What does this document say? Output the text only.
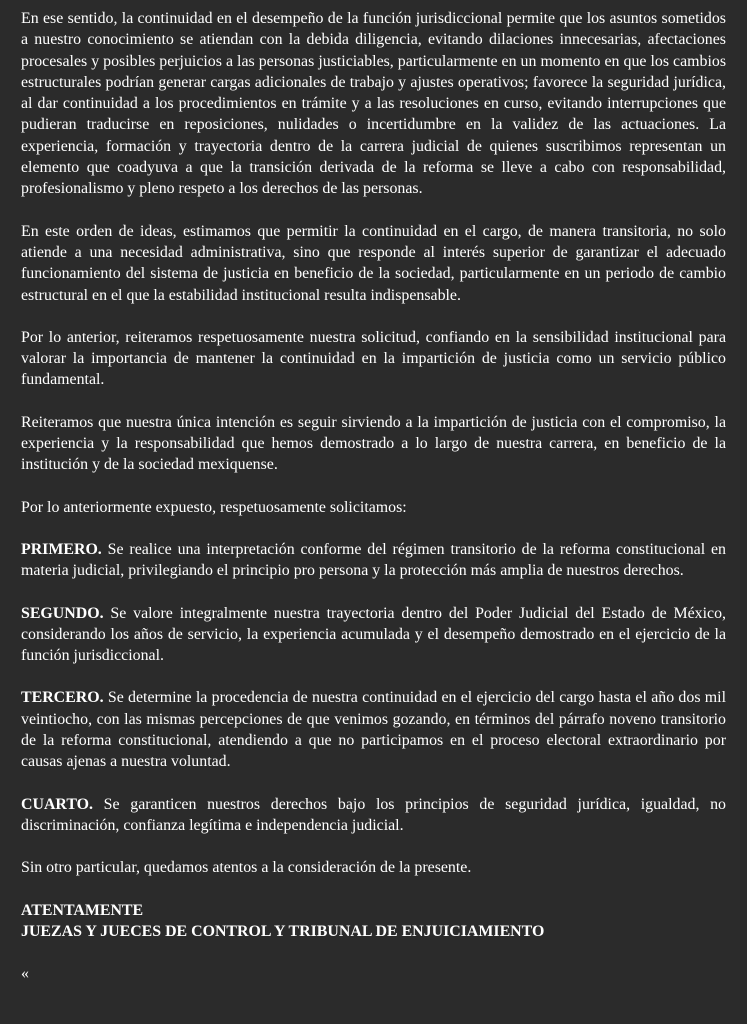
En ese sentido, la continuidad en el desempeño de la función jurisdiccional permite que los asuntos sometidos a nuestro conocimiento se atiendan con la debida diligencia, evitando dilaciones innecesarias, afectaciones procesales y posibles perjuicios a las personas justiciables, particularmente en un momento en que los cambios estructurales podrían generar cargas adicionales de trabajo y ajustes operativos; favorece la seguridad jurídica, al dar continuidad a los procedimientos en trámite y a las resoluciones en curso, evitando interrupciones que pudieran traducirse en reposiciones, nulidades o incertidumbre en la validez de las actuaciones. La experiencia, formación y trayectoria dentro de la carrera judicial de quienes suscribimos representan un elemento que coadyuva a que la transición derivada de la reforma se lleve a cabo con responsabilidad, profesionalismo y pleno respeto a los derechos de las personas.

En este orden de ideas, estimamos que permitir la continuidad en el cargo, de manera transitoria, no solo atiende a una necesidad administrativa, sino que responde al interés superior de garantizar el adecuado funcionamiento del sistema de justicia en beneficio de la sociedad, particularmente en un periodo de cambio estructural en el que la estabilidad institucional resulta indispensable.

Por lo anterior, reiteramos respetuosamente nuestra solicitud, confiando en la sensibilidad institucional para valorar la importancia de mantener la continuidad en la impartición de justicia como un servicio público fundamental.

Reiteramos que nuestra única intención es seguir sirviendo a la impartición de justicia con el compromiso, la experiencia y la responsabilidad que hemos demostrado a lo largo de nuestra carrera, en beneficio de la institución y de la sociedad mexiquense.

Por lo anteriormente expuesto, respetuosamente solicitamos:

PRIMERO. Se realice una interpretación conforme del régimen transitorio de la reforma constitucional en materia judicial, privilegiando el principio pro persona y la protección más amplia de nuestros derechos.

SEGUNDO. Se valore integralmente nuestra trayectoria dentro del Poder Judicial del Estado de México, considerando los años de servicio, la experiencia acumulada y el desempeño demostrado en el ejercicio de la función jurisdiccional.

TERCERO. Se determine la procedencia de nuestra continuidad en el ejercicio del cargo hasta el año dos mil veintiocho, con las mismas percepciones de que venimos gozando, en términos del párrafo noveno transitorio de la reforma constitucional, atendiendo a que no participamos en el proceso electoral extraordinario por causas ajenas a nuestra voluntad.

CUARTO. Se garanticen nuestros derechos bajo los principios de seguridad jurídica, igualdad, no discriminación, confianza legítima e independencia judicial.

Sin otro particular, quedamos atentos a la consideración de la presente.

ATENTAMENTE
JUEZAS Y JUECES DE CONTROL Y TRIBUNAL DE ENJUICIAMIENTO

«
